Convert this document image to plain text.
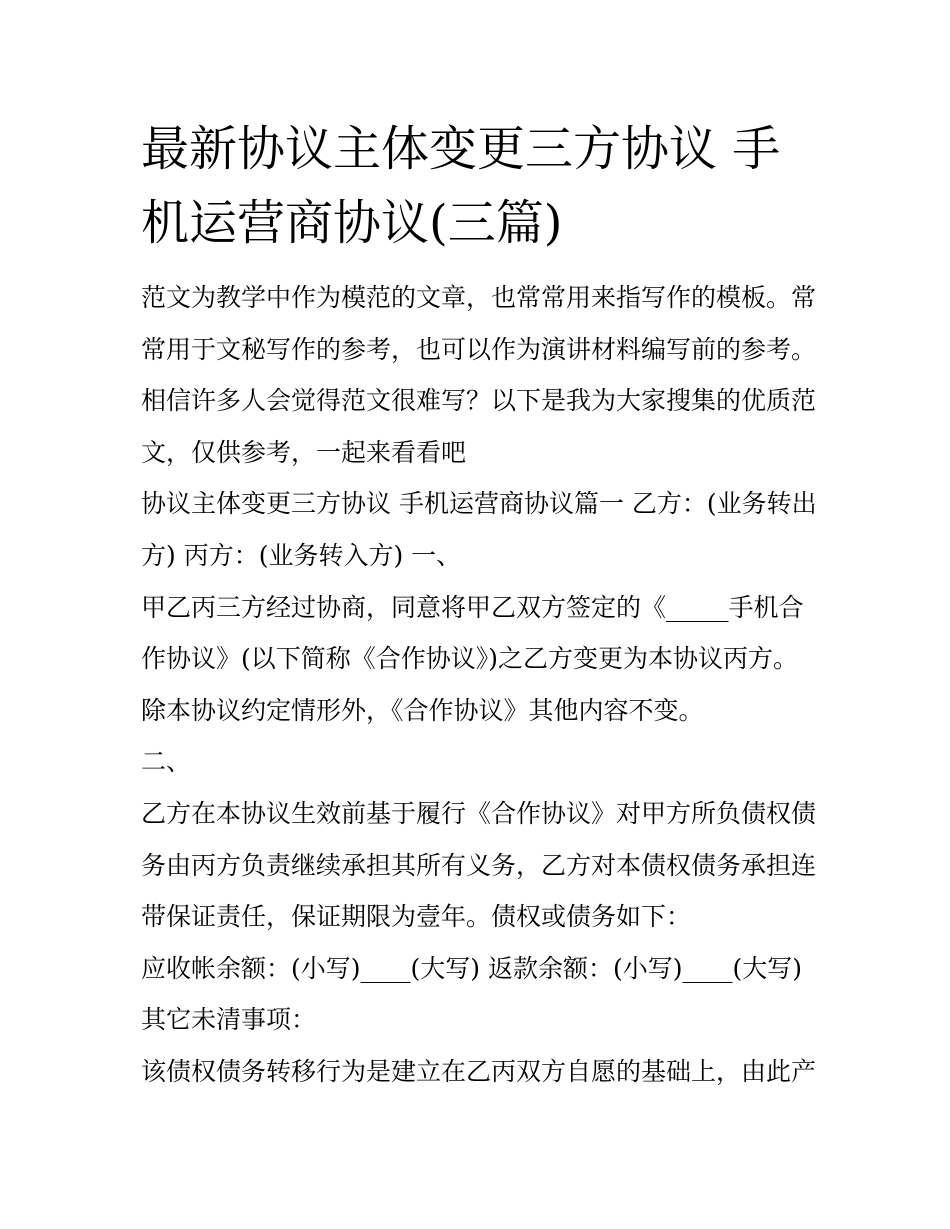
最新协议主体变更三方协议 手
机运营商协议(三篇)

范文为教学中作为模范的文章，也常常用来指写作的模板。常
常用于文秘写作的参考，也可以作为演讲材料编写前的参考。
相信许多人会觉得范文很难写？以下是我为大家搜集的优质范
文，仅供参考，一起来看看吧

协议主体变更三方协议 手机运营商协议篇一 乙方：(业务转出
方) 丙方：(业务转入方) 一、

甲乙丙三方经过协商，同意将甲乙双方签定的《_____手机合
作协议》(以下简称《合作协议》)之乙方变更为本协议丙方。
除本协议约定情形外，《合作协议》其他内容不变。

二、

乙方在本协议生效前基于履行《合作协议》对甲方所负债权债
务由丙方负责继续承担其所有义务，乙方对本债权债务承担连
带保证责任，保证期限为壹年。债权或债务如下：

应收帐余额：(小写)____(大写) 返款余额：(小写)____(大写)
其它未清事项：

该债权债务转移行为是建立在乙丙双方自愿的基础上，由此产
